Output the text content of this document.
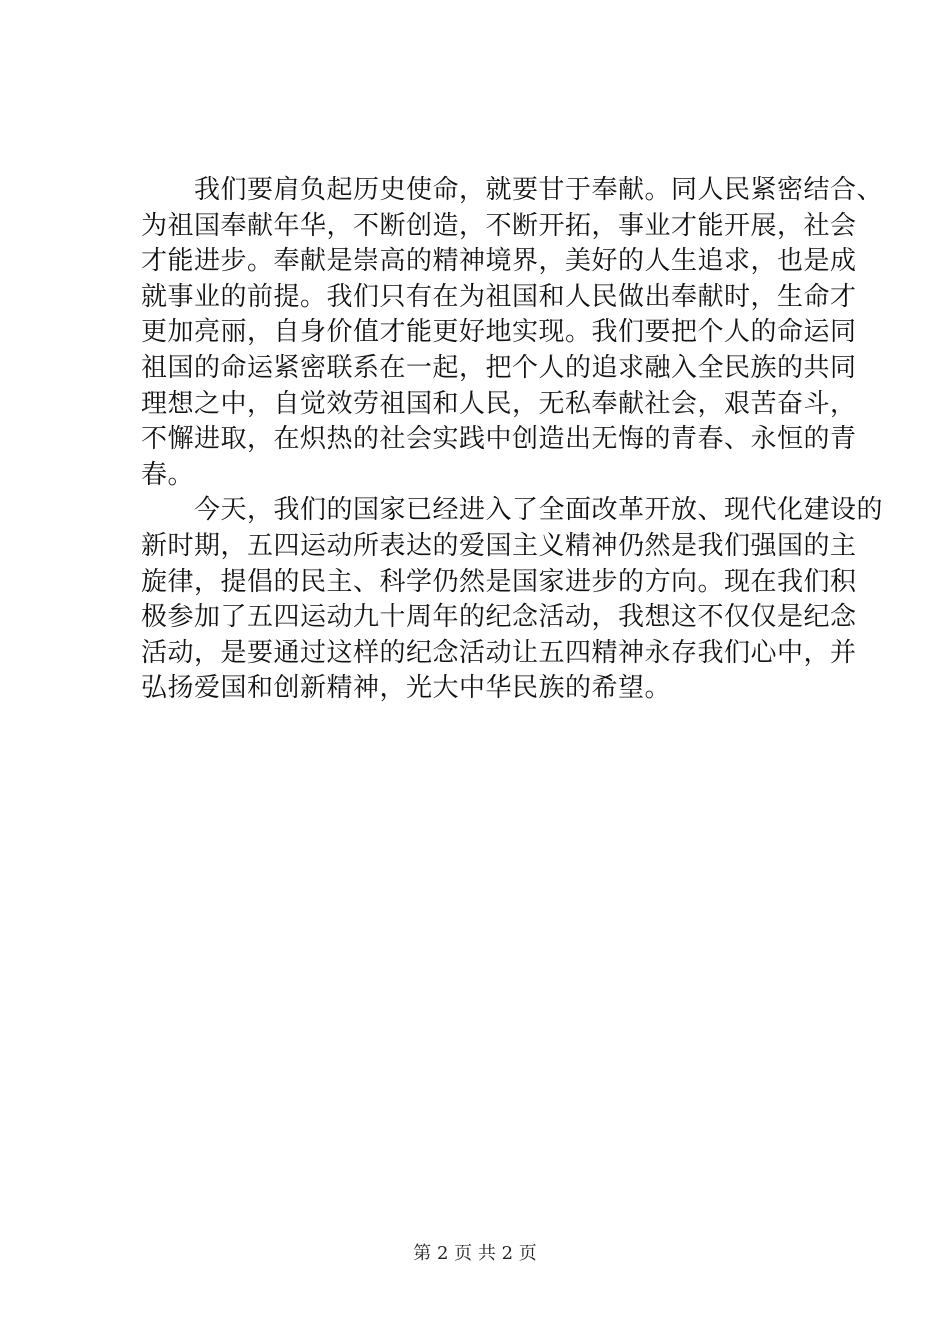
　　我们要肩负起历史使命，就要甘于奉献。同人民紧密结合、
为祖国奉献年华，不断创造，不断开拓，事业才能开展，社会
才能进步。奉献是崇高的精神境界，美好的人生追求，也是成
就事业的前提。我们只有在为祖国和人民做出奉献时，生命才
更加亮丽，自身价值才能更好地实现。我们要把个人的命运同
祖国的命运紧密联系在一起，把个人的追求融入全民族的共同
理想之中，自觉效劳祖国和人民，无私奉献社会，艰苦奋斗，
不懈进取，在炽热的社会实践中创造出无悔的青春、永恒的青
春。
　　今天，我们的国家已经进入了全面改革开放、现代化建设的
新时期，五四运动所表达的爱国主义精神仍然是我们强国的主
旋律，提倡的民主、科学仍然是国家进步的方向。现在我们积
极参加了五四运动九十周年的纪念活动，我想这不仅仅是纪念
活动，是要通过这样的纪念活动让五四精神永存我们心中，并
弘扬爱国和创新精神，光大中华民族的希望。
第 2 页 共 2 页
